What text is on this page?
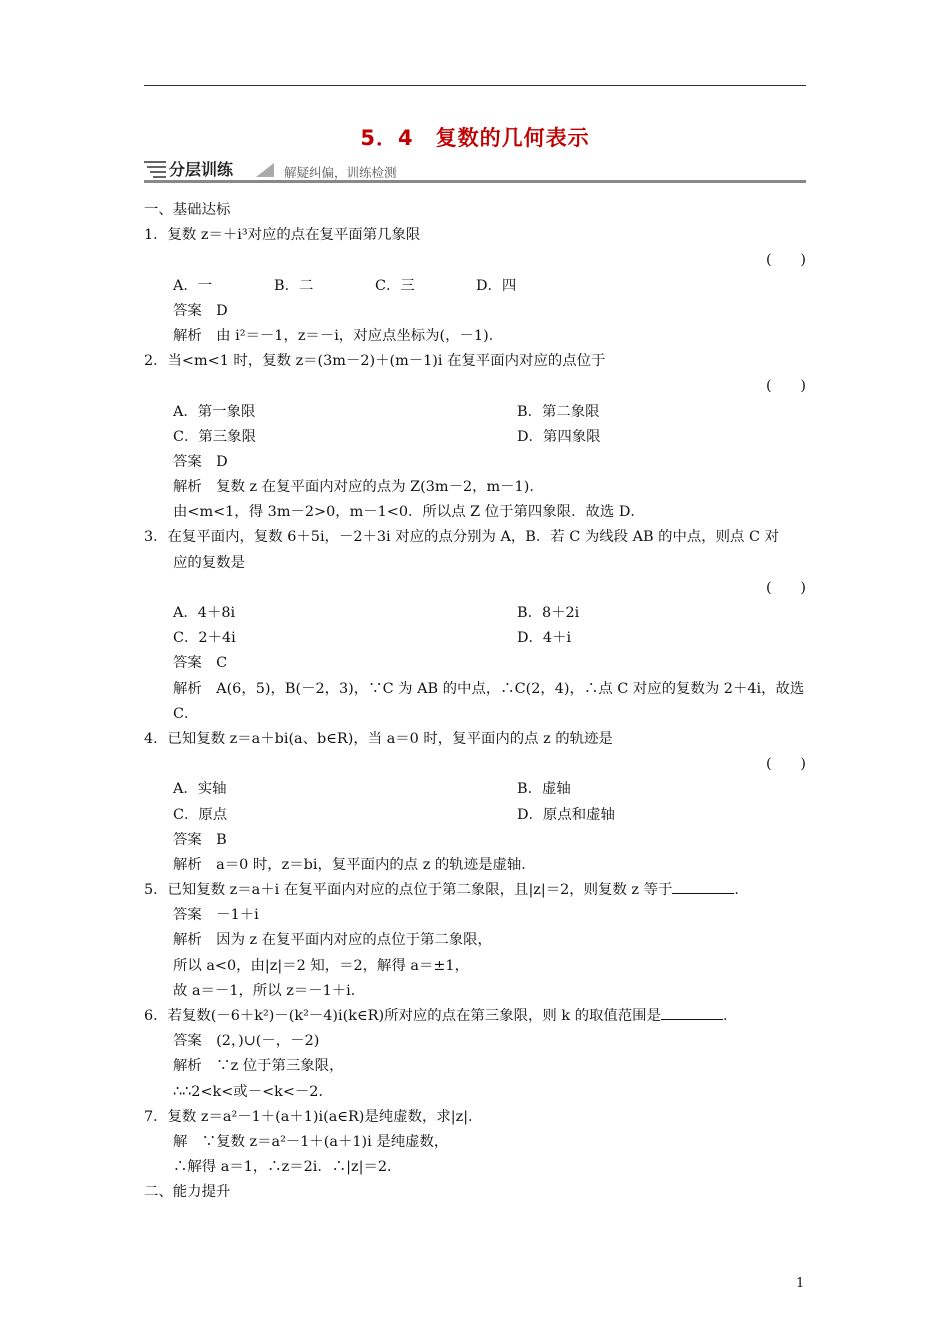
5．4　复数的几何表示
分层训练	解疑纠偏，训练检测
一、基础达标
1．复数 z＝＋i³对应的点在复平面第几象限
(　　)
A．一	B．二	C．三	D．四
答案　D
解析　由 i²＝－1，z＝－i，对应点坐标为(，－1)．
2．当<m<1 时，复数 z＝(3m－2)＋(m－1)i 在复平面内对应的点位于
(　　)
A．第一象限	B．第二象限
C．第三象限	D．第四象限
答案　D
解析　复数 z 在复平面内对应的点为 Z(3m－2，m－1)．
由<m<1，得 3m－2>0，m－1<0．所以点 Z 位于第四象限．故选 D．
3．在复平面内，复数 6＋5i，－2＋3i 对应的点分别为 A，B．若 C 为线段 AB 的中点，则点 C 对
应的复数是
(　　)
A．4＋8i	B．8＋2i
C．2＋4i	D．4＋i
答案　C
解析　A(6，5)，B(－2，3)，∵C 为 AB 的中点，∴C(2，4)，∴点 C 对应的复数为 2＋4i，故选
C．
4．已知复数 z＝a＋bi(a、b∈R)，当 a＝0 时，复平面内的点 z 的轨迹是
(　　)
A．实轴	B．虚轴
C．原点	D．原点和虚轴
答案　B
解析　a＝0 时，z＝bi，复平面内的点 z 的轨迹是虚轴．
5．已知复数 z＝a＋i 在复平面内对应的点位于第二象限，且|z|＝2，则复数 z 等于	．
答案　－1＋i
解析　因为 z 在复平面内对应的点位于第二象限，
所以 a<0，由|z|＝2 知，＝2，解得 a＝±1，
故 a＝－1，所以 z＝－1＋i．
6．若复数(－6＋k²)－(k²－4)i(k∈R)所对应的点在第三象限，则 k 的取值范围是	．
答案　(2，)∪(－，－2)
解析　∵z 位于第三象限，
∴∴2<k<或－<k<－2．
7．复数 z＝a²－1＋(a＋1)i(a∈R)是纯虚数，求|z|．
解　∵复数 z＝a²－1＋(a＋1)i 是纯虚数，
∴解得 a＝1，∴z＝2i．∴|z|＝2．
二、能力提升
1
